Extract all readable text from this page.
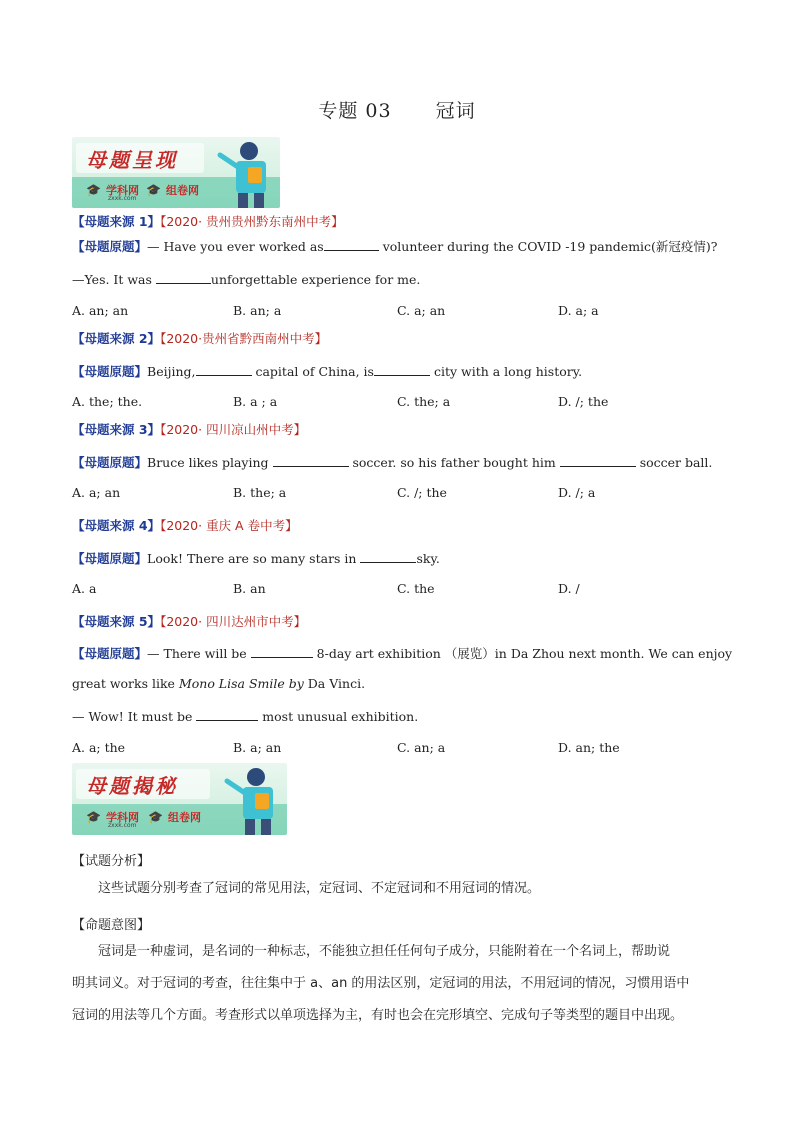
专题 03 冠词
母题呈现
🎓 学科网
zxxk.com
🎓 组卷网
【母题来源 1】【2020· 贵州贵州黔东南州中考】
【母题原题】— Have you ever worked as	volunteer during the COVID -19 pandemic(新冠疫情)?
—Yes. It was	unforgettable experience for me.
A. an; an	B. an; a	C. a; an	D. a; a
【母题来源 2】【2020·贵州省黔西南州中考】
【母题原题】Beijing,	capital of China, is	city with a long history.
A. the; the.	B. a ; a	C. the; a	D. /; the
【母题来源 3】【2020· 四川凉山州中考】
【母题原题】Bruce likes playing	soccer. so his father bought him	soccer ball.
A. a; an	B. the; a	C. /; the	D. /; a
【母题来源 4】【2020· 重庆 A 卷中考】
【母题原题】Look! There are so many stars in	sky.
A. a	B. an	C. the	D. /
【母题来源 5】【2020· 四川达州市中考】
【母题原题】— There will be	8-day art exhibition （展览）in Da Zhou next month. We can enjoy
great works like Mono Lisa Smile by Da Vinci.
— Wow! It must be	most unusual exhibition.
A. a; the	B. a; an	C. an; a	D. an; the
母题揭秘
🎓 学科网
zxxk.com
🎓 组卷网
【试题分析】
这些试题分别考查了冠词的常见用法，定冠词、不定冠词和不用冠词的情况。
【命题意图】
冠词是一种虚词，是名词的一种标志，不能独立担任任何句子成分，只能附着在一个名词上，帮助说
明其词义。对于冠词的考查，往往集中于 a、an 的用法区别，定冠词的用法，不用冠词的情况，习惯用语中
冠词的用法等几个方面。考查形式以单项选择为主，有时也会在完形填空、完成句子等类型的题目中出现。
